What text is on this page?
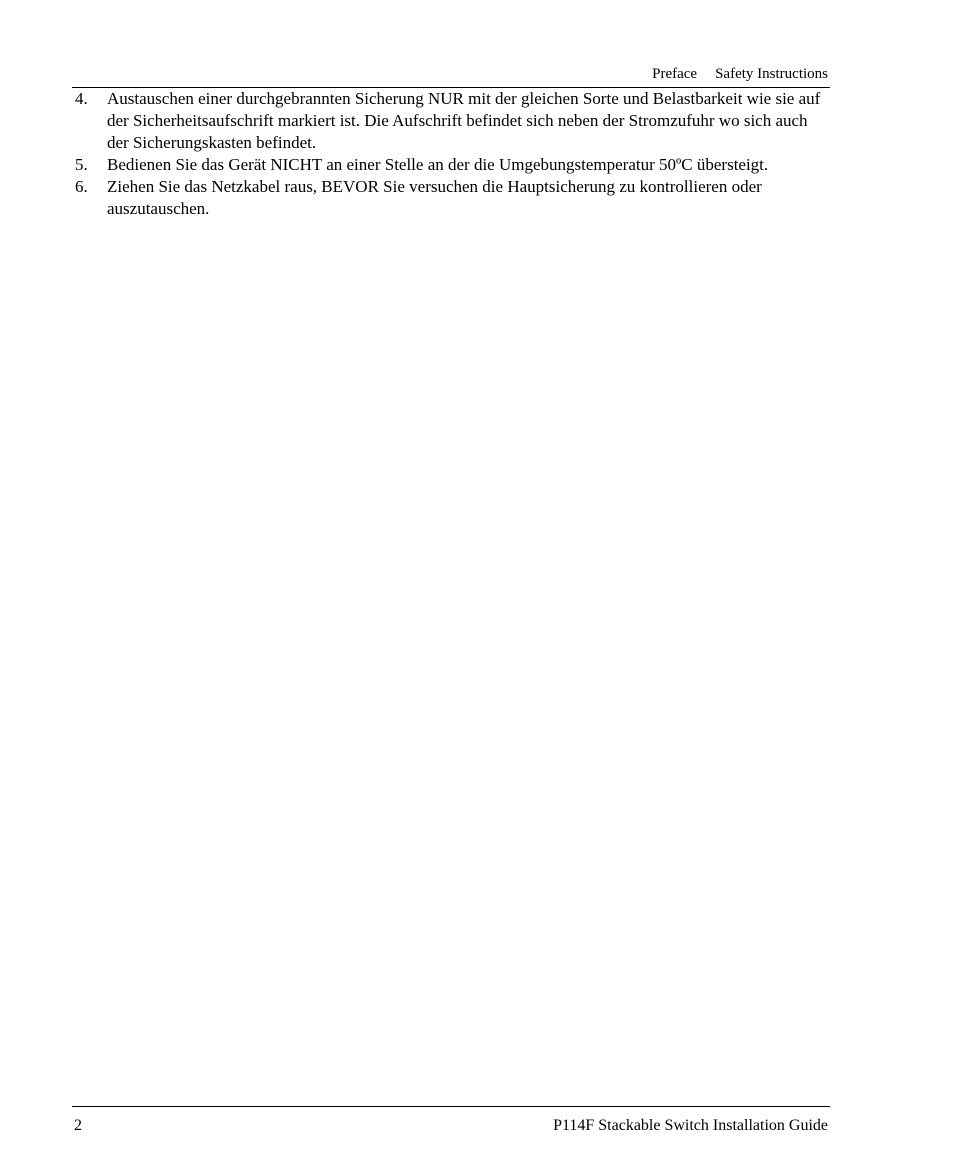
Preface Safety Instructions
4. Austauschen einer durchgebrannten Sicherung NUR mit der gleichen Sorte und Belastbarkeit wie sie auf der Sicherheitsaufschrift markiert ist. Die Aufschrift befindet sich neben der Stromzufuhr wo sich auch der Sicherungskasten befindet.
5. Bedienen Sie das Gerät NICHT an einer Stelle an der die Umgebungstemperatur 50ºC übersteigt.
6. Ziehen Sie das Netzkabel raus, BEVOR Sie versuchen die Hauptsicherung zu kontrollieren oder auszutauschen.
2	P114F Stackable Switch Installation Guide
